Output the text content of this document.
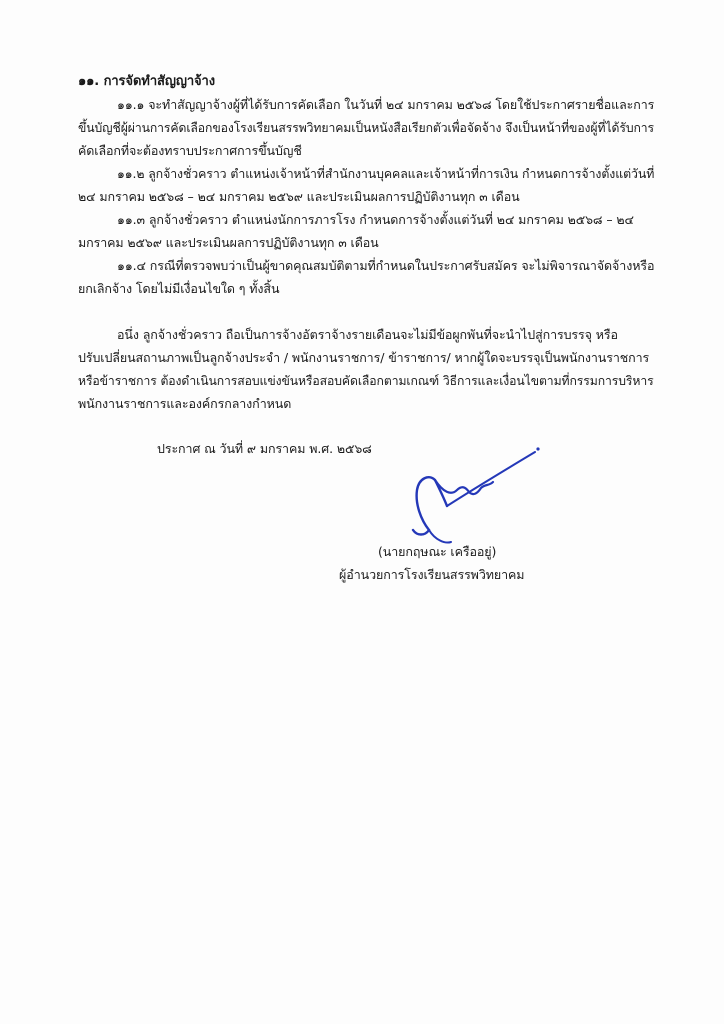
๑๑. การจัดทำสัญญาจ้าง
๑๑.๑ จะทำสัญญาจ้างผู้ที่ได้รับการคัดเลือก ในวันที่ ๒๔ มกราคม ๒๕๖๘ โดยใช้ประกาศรายชื่อและการ
ขึ้นบัญชีผู้ผ่านการคัดเลือกของโรงเรียนสรรพวิทยาคมเป็นหนังสือเรียกตัวเพื่อจัดจ้าง จึงเป็นหน้าที่ของผู้ที่ได้รับการ
คัดเลือกที่จะต้องทราบประกาศการขึ้นบัญชี
๑๑.๒ ลูกจ้างชั่วคราว ตำแหน่งเจ้าหน้าที่สำนักงานบุคคลและเจ้าหน้าที่การเงิน กำหนดการจ้างตั้งแต่วันที่
๒๔ มกราคม ๒๕๖๘ – ๒๔ มกราคม ๒๕๖๙ และประเมินผลการปฏิบัติงานทุก ๓ เดือน
๑๑.๓ ลูกจ้างชั่วคราว ตำแหน่งนักการภารโรง กำหนดการจ้างตั้งแต่วันที่ ๒๔ มกราคม ๒๕๖๘ – ๒๔
มกราคม ๒๕๖๙ และประเมินผลการปฏิบัติงานทุก ๓ เดือน
๑๑.๔ กรณีที่ตรวจพบว่าเป็นผู้ขาดคุณสมบัติตามที่กำหนดในประกาศรับสมัคร จะไม่พิจารณาจัดจ้างหรือ
ยกเลิกจ้าง โดยไม่มีเงื่อนไขใด ๆ ทั้งสิ้น
อนึ่ง ลูกจ้างชั่วคราว ถือเป็นการจ้างอัตราจ้างรายเดือนจะไม่มีข้อผูกพันที่จะนำไปสู่การบรรจุ หรือ
ปรับเปลี่ยนสถานภาพเป็นลูกจ้างประจำ / พนักงานราชการ/ ข้าราชการ/ หากผู้ใดจะบรรจุเป็นพนักงานราชการ
หรือข้าราชการ ต้องดำเนินการสอบแข่งขันหรือสอบคัดเลือกตามเกณฑ์ วิธีการและเงื่อนไขตามที่กรรมการบริหาร
พนักงานราชการและองค์กรกลางกำหนด
ประกาศ ณ วันที่ ๙ มกราคม พ.ศ. ๒๕๖๘
(นายกฤษณะ เครืออยู่)
ผู้อำนวยการโรงเรียนสรรพวิทยาคม
